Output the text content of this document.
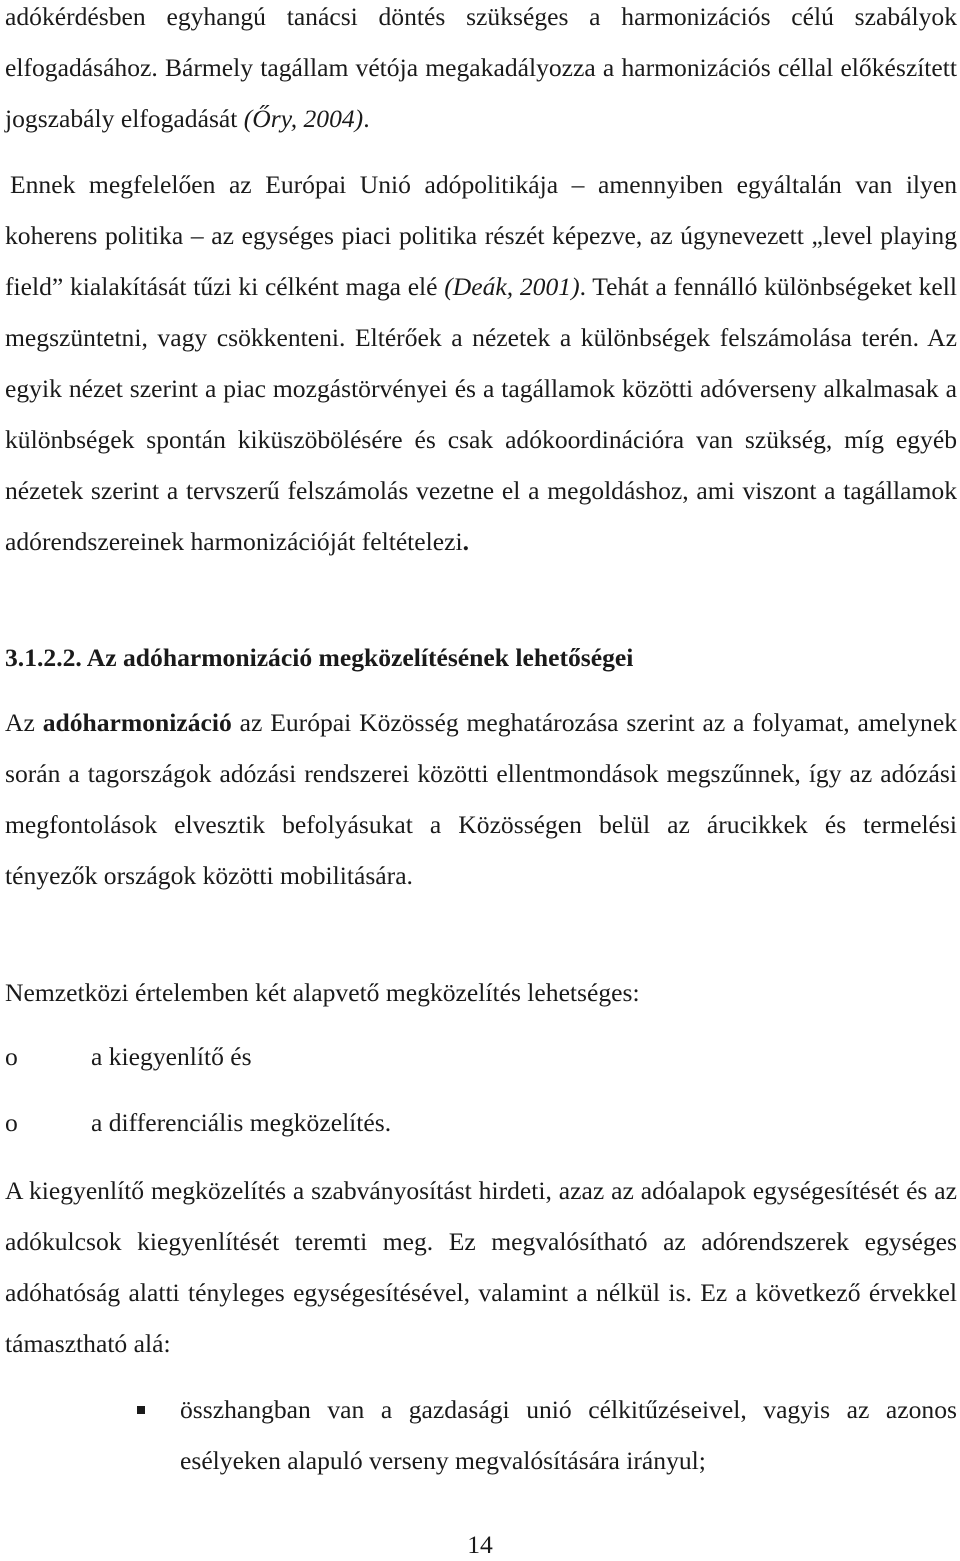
adókérdésben egyhangú tanácsi döntés szükséges a harmonizációs célú szabályok elfogadásához. Bármely tagállam vétója megakadályozza a harmonizációs céllal előkészített jogszabály elfogadását (Őry, 2004).

Ennek megfelelően az Európai Unió adópolitikája – amennyiben egyáltalán van ilyen koherens politika – az egységes piaci politika részét képezve, az úgynevezett „level playing field” kialakítását tűzi ki célként maga elé (Deák, 2001). Tehát a fennálló különbségeket kell megszüntetni, vagy csökkenteni. Eltérőek a nézetek a különbségek felszámolása terén. Az egyik nézet szerint a piac mozgástörvényei és a tagállamok közötti adóverseny alkalmasak a különbségek spontán kiküszöbölésére és csak adókoordinációra van szükség, míg egyéb nézetek szerint a tervszerű felszámolás vezetne el a megoldáshoz, ami viszont a tagállamok adórendszereinek harmonizációját feltételezi.

3.1.2.2. Az adóharmonizáció megközelítésének lehetőségei

Az adóharmonizáció az Európai Közösség meghatározása szerint az a folyamat, amelynek során a tagországok adózási rendszerei közötti ellentmondások megszűnnek, így az adózási megfontolások elvesztik befolyásukat a Közösségen belül az árucikkek és termelési tényezők országok közötti mobilitására.

Nemzetközi értelemben két alapvető megközelítés lehetséges:

o	a kiegyenlítő és
o	a differenciális megközelítés.

A kiegyenlítő megközelítés a szabványosítást hirdeti, azaz az adóalapok egységesítését és az adókulcsok kiegyenlítését teremti meg. Ez megvalósítható az adórendszerek egységes adóhatóság alatti tényleges egységesítésével, valamint a nélkül is. Ez a következő érvekkel támasztható alá:

összhangban van a gazdasági unió célkitűzéseivel, vagyis az azonos esélyeken alapuló verseny megvalósítására irányul;
14
